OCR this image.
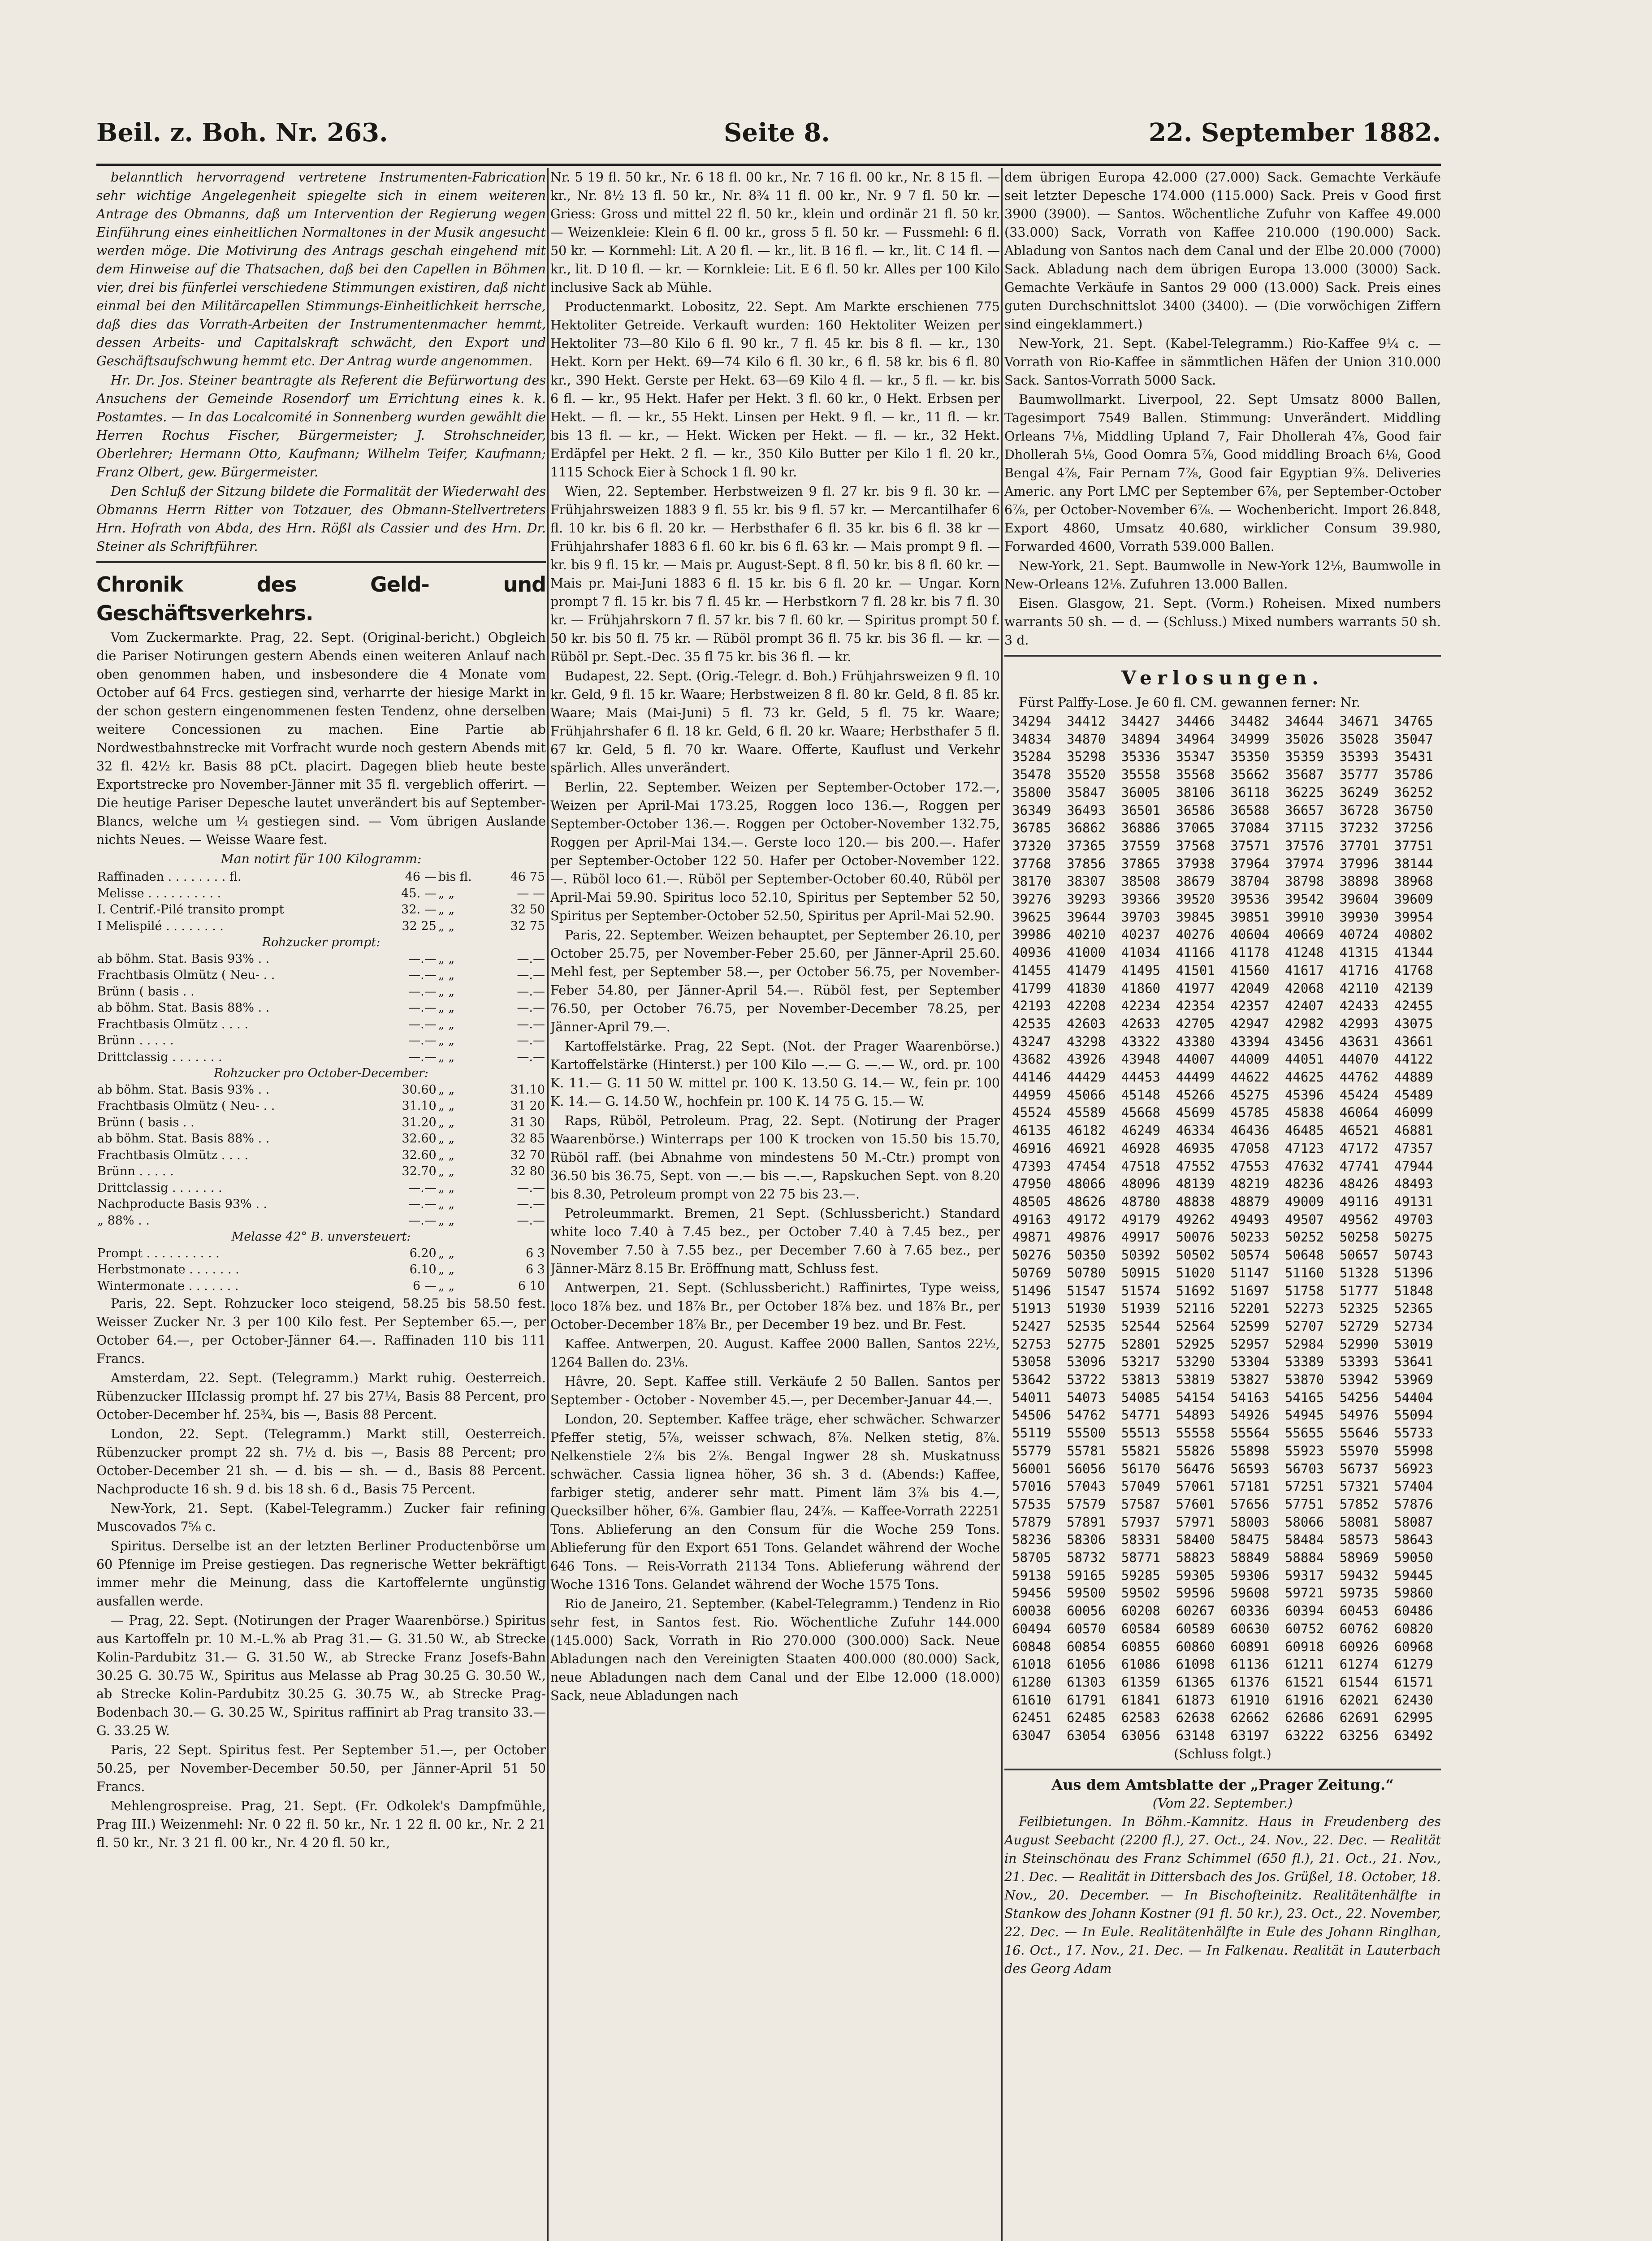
Beil. z. Boh. Nr. 263.	Seite 8.	22. September 1882.

belanntlich hervorragend vertretene Instrumenten-Fabrication sehr wichtige Angelegenheit spiegelte sich in einem weiteren Antrage des Obmanns, daß um Intervention der Regierung wegen Einführung eines einheitlichen Normaltones in der Musik angesucht werden möge. Die Motivirung des Antrags geschah eingehend mit dem Hinweise auf die Thatsachen, daß bei den Capellen in Böhmen vier, drei bis fünferlei verschiedene Stimmungen existiren, daß nicht einmal bei den Militärcapellen Stimmungs-Einheitlichkeit herrsche, daß dies das Vorrath-Arbeiten der Instrumentenmacher hemmt, dessen Arbeits- und Capitalskraft schwächt, den Export und Geschäftsaufschwung hemmt etc. Der Antrag wurde angenommen.

Hr. Dr. Jos. Steiner beantragte als Referent die Befürwortung des Ansuchens der Gemeinde Rosendorf um Errichtung eines k. k. Postamtes. — In das Localcomité in Sonnenberg wurden gewählt die Herren Rochus Fischer, Bürgermeister; J. Strohschneider, Oberlehrer; Hermann Otto, Kaufmann; Wilhelm Teifer, Kaufmann; Franz Olbert, gew. Bürgermeister.

Den Schluß der Sitzung bildete die Formalität der Wiederwahl des Obmanns Herrn Ritter von Totzauer, des Obmann-Stellvertreters Hrn. Hofrath von Abda, des Hrn. Rößl als Cassier und des Hrn. Dr. Steiner als Schriftführer.

Chronik des Geld- und Geschäftsverkehrs.

Vom Zuckermarkte. Prag, 22. Sept. (Original-bericht.) Obgleich die Pariser Notirungen gestern Abends einen weiteren Anlauf nach oben genommen haben, und insbesondere die 4 Monate vom October auf 64 Frcs. gestiegen sind, verharrte der hiesige Markt in der schon gestern eingenommenen festen Tendenz, ohne derselben weitere Concessionen zu machen. Eine Partie ab Nordwestbahnstrecke mit Vorfracht wurde noch gestern Abends mit 32 fl. 42½ kr. Basis 88 pCt. placirt. Dagegen blieb heute beste Exportstrecke pro November-Jänner mit 35 fl. vergeblich offerirt. — Die heutige Pariser Depesche lautet unverändert bis auf September-Blancs, welche um ¼ gestiegen sind. — Vom übrigen Auslande nichts Neues. — Weisse Waare fest.

Man notirt für 100 Kilogramm:
Raffinaden . . . . . . . . fl.	46 —	bis fl.	46 75
Melisse . . . . . . . . . .	45. —	„ „	— —
I. Centrif.-Pilé transito prompt	32. —	„ „	32 50
I Melispilé . . . . . . . .	32 25	„ „	32 75
Rohzucker prompt:			
ab böhm. Stat. Basis 93% . .	—.—	„ „	—.—
Frachtbasis Olmütz ( Neu- . .	—.—	„ „	—.—
Brünn ( basis . .	—.—	„ „	—.—
ab böhm. Stat. Basis 88% . .	—.—	„ „	—.—
Frachtbasis Olmütz . . . .	—.—	„ „	—.—
Brünn . . . . .	—.—	„ „	—.—
Drittclassig . . . . . . .	—.—	„ „	—.—
Rohzucker pro October-December:			
ab böhm. Stat. Basis 93% . .	30.60	„ „	31.10
Frachtbasis Olmütz ( Neu- . .	31.10	„ „	31 20
Brünn ( basis . .	31.20	„ „	31 30
ab böhm. Stat. Basis 88% . .	32.60	„ „	32 85
Frachtbasis Olmütz . . . .	32.60	„ „	32 70
Brünn . . . . .	32.70	„ „	32 80
Drittclassig . . . . . . .	—.—	„ „	—.—
Nachproducte Basis 93% . .	—.—	„ „	—.—
„ 88% . .	—.—	„ „	—.—
Melasse 42° B. unversteuert:			
Prompt . . . . . . . . . .	6.20	„ „	6 3
Herbstmonate . . . . . . .	6.10	„ „	6 3
Wintermonate . . . . . . .	6 —	„ „	6 10

Paris, 22. Sept. Rohzucker loco steigend, 58.25 bis 58.50 fest. Weisser Zucker Nr. 3 per 100 Kilo fest. Per September 65.—, per October 64.—, per October-Jänner 64.—. Raffinaden 110 bis 111 Francs.

Amsterdam, 22. Sept. (Telegramm.) Markt ruhig. Oesterreich. Rübenzucker IIIclassig prompt hf. 27 bis 27¼, Basis 88 Percent, pro October-December hf. 25¾, bis —, Basis 88 Percent.

London, 22. Sept. (Telegramm.) Markt still, Oesterreich. Rübenzucker prompt 22 sh. 7½ d. bis —, Basis 88 Percent; pro October-December 21 sh. — d. bis — sh. — d., Basis 88 Percent. Nachproducte 16 sh. 9 d. bis 18 sh. 6 d., Basis 75 Percent.

New-York, 21. Sept. (Kabel-Telegramm.) Zucker fair refining Muscovados 7⅝ c.

Spiritus. Derselbe ist an der letzten Berliner Productenbörse um 60 Pfennige im Preise gestiegen. Das regnerische Wetter bekräftigt immer mehr die Meinung, dass die Kartoffelernte ungünstig ausfallen werde.

— Prag, 22. Sept. (Notirungen der Prager Waarenbörse.) Spiritus aus Kartoffeln pr. 10 M.-L.% ab Prag 31.— G. 31.50 W., ab Strecke Kolin-Pardubitz 31.— G. 31.50 W., ab Strecke Franz Josefs-Bahn 30.25 G. 30.75 W., Spiritus aus Melasse ab Prag 30.25 G. 30.50 W., ab Strecke Kolin-Pardubitz 30.25 G. 30.75 W., ab Strecke Prag-Bodenbach 30.— G. 30.25 W., Spiritus raffinirt ab Prag transito 33.— G. 33.25 W.

Paris, 22 Sept. Spiritus fest. Per September 51.—, per October 50.25, per November-December 50.50, per Jänner-April 51 50 Francs.

Mehlengrospreise. Prag, 21. Sept. (Fr. Odkolek's Dampfmühle, Prag III.) Weizenmehl: Nr. 0 22 fl. 50 kr., Nr. 1 22 fl. 00 kr., Nr. 2 21 fl. 50 kr., Nr. 3 21 fl. 00 kr., Nr. 4 20 fl. 50 kr.,

Nr. 5 19 fl. 50 kr., Nr. 6 18 fl. 00 kr., Nr. 7 16 fl. 00 kr., Nr. 8 15 fl. — kr., Nr. 8½ 13 fl. 50 kr., Nr. 8¾ 11 fl. 00 kr., Nr. 9 7 fl. 50 kr. — Griess: Gross und mittel 22 fl. 50 kr., klein und ordinär 21 fl. 50 kr. — Weizenkleie: Klein 6 fl. 00 kr., gross 5 fl. 50 kr. — Fussmehl: 6 fl. 50 kr. — Kornmehl: Lit. A 20 fl. — kr., lit. B 16 fl. — kr., lit. C 14 fl. — kr., lit. D 10 fl. — kr. — Kornkleie: Lit. E 6 fl. 50 kr. Alles per 100 Kilo inclusive Sack ab Mühle.

Productenmarkt. Lobositz, 22. Sept. Am Markte erschienen 775 Hektoliter Getreide. Verkauft wurden: 160 Hektoliter Weizen per Hektoliter 73—80 Kilo 6 fl. 90 kr., 7 fl. 45 kr. bis 8 fl. — kr., 130 Hekt. Korn per Hekt. 69—74 Kilo 6 fl. 30 kr., 6 fl. 58 kr. bis 6 fl. 80 kr., 390 Hekt. Gerste per Hekt. 63—69 Kilo 4 fl. — kr., 5 fl. — kr. bis 6 fl. — kr., 95 Hekt. Hafer per Hekt. 3 fl. 60 kr., 0 Hekt. Erbsen per Hekt. — fl. — kr., 55 Hekt. Linsen per Hekt. 9 fl. — kr., 11 fl. — kr. bis 13 fl. — kr., — Hekt. Wicken per Hekt. — fl. — kr., 32 Hekt. Erdäpfel per Hekt. 2 fl. — kr., 350 Kilo Butter per Kilo 1 fl. 20 kr., 1115 Schock Eier à Schock 1 fl. 90 kr.

Wien, 22. September. Herbstweizen 9 fl. 27 kr. bis 9 fl. 30 kr. — Frühjahrsweizen 1883 9 fl. 55 kr. bis 9 fl. 57 kr. — Mercantilhafer 6 fl. 10 kr. bis 6 fl. 20 kr. — Herbsthafer 6 fl. 35 kr. bis 6 fl. 38 kr — Frühjahrshafer 1883 6 fl. 60 kr. bis 6 fl. 63 kr. — Mais prompt 9 fl. — kr. bis 9 fl. 15 kr. — Mais pr. August-Sept. 8 fl. 50 kr. bis 8 fl. 60 kr. — Mais pr. Mai-Juni 1883 6 fl. 15 kr. bis 6 fl. 20 kr. — Ungar. Korn prompt 7 fl. 15 kr. bis 7 fl. 45 kr. — Herbstkorn 7 fl. 28 kr. bis 7 fl. 30 kr. — Frühjahrskorn 7 fl. 57 kr. bis 7 fl. 60 kr. — Spiritus prompt 50 f. 50 kr. bis 50 fl. 75 kr. — Rüböl prompt 36 fl. 75 kr. bis 36 fl. — kr. — Rüböl pr. Sept.-Dec. 35 fl 75 kr. bis 36 fl. — kr.

Budapest, 22. Sept. (Orig.-Telegr. d. Boh.) Frühjahrsweizen 9 fl. 10 kr. Geld, 9 fl. 15 kr. Waare; Herbstweizen 8 fl. 80 kr. Geld, 8 fl. 85 kr. Waare; Mais (Mai-Juni) 5 fl. 73 kr. Geld, 5 fl. 75 kr. Waare; Frühjahrshafer 6 fl. 18 kr. Geld, 6 fl. 20 kr. Waare; Herbsthafer 5 fl. 67 kr. Geld, 5 fl. 70 kr. Waare. Offerte, Kauflust und Verkehr spärlich. Alles unverändert.

Berlin, 22. September. Weizen per September-October 172.—, Weizen per April-Mai 173.25, Roggen loco 136.—, Roggen per September-October 136.—. Roggen per October-November 132.75, Roggen per April-Mai 134.—. Gerste loco 120.— bis 200.—. Hafer per September-October 122 50. Hafer per October-November 122.—. Rüböl loco 61.—. Rüböl per September-October 60.40, Rüböl per April-Mai 59.90. Spiritus loco 52.10, Spiritus per September 52 50, Spiritus per September-October 52.50, Spiritus per April-Mai 52.90.

Paris, 22. September. Weizen behauptet, per September 26.10, per October 25.75, per November-Feber 25.60, per Jänner-April 25.60. Mehl fest, per September 58.—, per October 56.75, per November-Feber 54.80, per Jänner-April 54.—. Rüböl fest, per September 76.50, per October 76.75, per November-December 78.25, per Jänner-April 79.—.

Kartoffelstärke. Prag, 22 Sept. (Not. der Prager Waarenbörse.) Kartoffelstärke (Hinterst.) per 100 Kilo —.— G. —.— W., ord. pr. 100 K. 11.— G. 11 50 W. mittel pr. 100 K. 13.50 G. 14.— W., fein pr. 100 K. 14.— G. 14.50 W., hochfein pr. 100 K. 14 75 G. 15.— W.

Raps, Rüböl, Petroleum. Prag, 22. Sept. (Notirung der Prager Waarenbörse.) Winterraps per 100 K trocken von 15.50 bis 15.70, Rüböl raff. (bei Abnahme von mindestens 50 M.-Ctr.) prompt von 36.50 bis 36.75, Sept. von —.— bis —.—, Rapskuchen Sept. von 8.20 bis 8.30, Petroleum prompt von 22 75 bis 23.—.

Petroleummarkt. Bremen, 21 Sept. (Schlussbericht.) Standard white loco 7.40 à 7.45 bez., per October 7.40 à 7.45 bez., per November 7.50 à 7.55 bez., per December 7.60 à 7.65 bez., per Jänner-März 8.15 Br. Eröffnung matt, Schluss fest.

Antwerpen, 21. Sept. (Schlussbericht.) Raffinirtes, Type weiss, loco 18⅞ bez. und 18⅞ Br., per October 18⅞ bez. und 18⅞ Br., per October-December 18⅞ Br., per December 19 bez. und Br. Fest.

Kaffee. Antwerpen, 20. August. Kaffee 2000 Ballen, Santos 22½, 1264 Ballen do. 23⅛.

Hâvre, 20. Sept. Kaffee still. Verkäufe 2 50 Ballen. Santos per September - October - November 45.—, per December-Januar 44.—.

London, 20. September. Kaffee träge, eher schwächer. Schwarzer Pfeffer stetig, 5⅞, weisser schwach, 8⅞. Nelken stetig, 8⅞. Nelkenstiele 2⅞ bis 2⅞. Bengal Ingwer 28 sh. Muskatnuss schwächer. Cassia lignea höher, 36 sh. 3 d. (Abends:) Kaffee, farbiger stetig, anderer sehr matt. Piment läm 3⅞ bis 4.—, Quecksilber höher, 6⅞. Gambier flau, 24⅞. — Kaffee-Vorrath 22251 Tons. Ablieferung an den Consum für die Woche 259 Tons. Ablieferung für den Export 651 Tons. Gelandet während der Woche 646 Tons. — Reis-Vorrath 21134 Tons. Ablieferung während der Woche 1316 Tons. Gelandet während der Woche 1575 Tons.

Rio de Janeiro, 21. September. (Kabel-Telegramm.) Tendenz in Rio sehr fest, in Santos fest. Rio. Wöchentliche Zufuhr 144.000 (145.000) Sack, Vorrath in Rio 270.000 (300.000) Sack. Neue Abladungen nach den Vereinigten Staaten 400.000 (80.000) Sack, neue Abladungen nach dem Canal und der Elbe 12.000 (18.000) Sack, neue Abladungen nach

dem übrigen Europa 42.000 (27.000) Sack. Gemachte Verkäufe seit letzter Depesche 174.000 (115.000) Sack. Preis v Good first 3900 (3900). — Santos. Wöchentliche Zufuhr von Kaffee 49.000 (33.000) Sack, Vorrath von Kaffee 210.000 (190.000) Sack. Abladung von Santos nach dem Canal und der Elbe 20.000 (7000) Sack. Abladung nach dem übrigen Europa 13.000 (3000) Sack. Gemachte Verkäufe in Santos 29 000 (13.000) Sack. Preis eines guten Durchschnittslot 3400 (3400). — (Die vorwöchigen Ziffern sind eingeklammert.)

New-York, 21. Sept. (Kabel-Telegramm.) Rio-Kaffee 9¼ c. — Vorrath von Rio-Kaffee in sämmtlichen Häfen der Union 310.000 Sack. Santos-Vorrath 5000 Sack.

Baumwollmarkt. Liverpool, 22. Sept Umsatz 8000 Ballen, Tagesimport 7549 Ballen. Stimmung: Unverändert. Middling Orleans 7⅛, Middling Upland 7, Fair Dhollerah 4⅞, Good fair Dhollerah 5⅛, Good Oomra 5⅞, Good middling Broach 6⅛, Good Bengal 4⅞, Fair Pernam 7⅞, Good fair Egyptian 9⅞. Deliveries Americ. any Port LMC per September 6⅞, per September-October 6⅞, per October-November 6⅞. — Wochenbericht. Import 26.848, Export 4860, Umsatz 40.680, wirklicher Consum 39.980, Forwarded 4600, Vorrath 539.000 Ballen.

New-York, 21. Sept. Baumwolle in New-York 12⅛, Baumwolle in New-Orleans 12⅛. Zufuhren 13.000 Ballen.

Eisen. Glasgow, 21. Sept. (Vorm.) Roheisen. Mixed numbers warrants 50 sh. — d. — (Schluss.) Mixed numbers warrants 50 sh. 3 d.

Verlosungen.

Fürst Palffy-Lose. Je 60 fl. CM. gewannen ferner: Nr.

34294	34412	34427	34466	34482	34644	34671	34765
34834	34870	34894	34964	34999	35026	35028	35047
35284	35298	35336	35347	35350	35359	35393	35431
35478	35520	35558	35568	35662	35687	35777	35786
35800	35847	36005	38106	36118	36225	36249	36252
36349	36493	36501	36586	36588	36657	36728	36750
36785	36862	36886	37065	37084	37115	37232	37256
37320	37365	37559	37568	37571	37576	37701	37751
37768	37856	37865	37938	37964	37974	37996	38144
38170	38307	38508	38679	38704	38798	38898	38968
39276	39293	39366	39520	39536	39542	39604	39609
39625	39644	39703	39845	39851	39910	39930	39954
39986	40210	40237	40276	40604	40669	40724	40802
40936	41000	41034	41166	41178	41248	41315	41344
41455	41479	41495	41501	41560	41617	41716	41768
41799	41830	41860	41977	42049	42068	42110	42139
42193	42208	42234	42354	42357	42407	42433	42455
42535	42603	42633	42705	42947	42982	42993	43075
43247	43298	43322	43380	43394	43456	43631	43661
43682	43926	43948	44007	44009	44051	44070	44122
44146	44429	44453	44499	44622	44625	44762	44889
44959	45066	45148	45266	45275	45396	45424	45489
45524	45589	45668	45699	45785	45838	46064	46099
46135	46182	46249	46334	46436	46485	46521	46881
46916	46921	46928	46935	47058	47123	47172	47357
47393	47454	47518	47552	47553	47632	47741	47944
47950	48066	48096	48139	48219	48236	48426	48493
48505	48626	48780	48838	48879	49009	49116	49131
49163	49172	49179	49262	49493	49507	49562	49703
49871	49876	49917	50076	50233	50252	50258	50275
50276	50350	50392	50502	50574	50648	50657	50743
50769	50780	50915	51020	51147	51160	51328	51396
51496	51547	51574	51692	51697	51758	51777	51848
51913	51930	51939	52116	52201	52273	52325	52365
52427	52535	52544	52564	52599	52707	52729	52734
52753	52775	52801	52925	52957	52984	52990	53019
53058	53096	53217	53290	53304	53389	53393	53641
53642	53722	53813	53819	53827	53870	53942	53969
54011	54073	54085	54154	54163	54165	54256	54404
54506	54762	54771	54893	54926	54945	54976	55094
55119	55500	55513	55558	55564	55655	55646	55733
55779	55781	55821	55826	55898	55923	55970	55998
56001	56056	56170	56476	56593	56703	56737	56923
57016	57043	57049	57061	57181	57251	57321	57404
57535	57579	57587	57601	57656	57751	57852	57876
57879	57891	57937	57971	58003	58066	58081	58087
58236	58306	58331	58400	58475	58484	58573	58643
58705	58732	58771	58823	58849	58884	58969	59050
59138	59165	59285	59305	59306	59317	59432	59445
59456	59500	59502	59596	59608	59721	59735	59860
60038	60056	60208	60267	60336	60394	60453	60486
60494	60570	60584	60589	60630	60752	60762	60820
60848	60854	60855	60860	60891	60918	60926	60968
61018	61056	61086	61098	61136	61211	61274	61279
61280	61303	61359	61365	61376	61521	61544	61571
61610	61791	61841	61873	61910	61916	62021	62430
62451	62485	62583	62638	62662	62686	62691	62995
63047	63054	63056	63148	63197	63222	63256	63492
(Schluss folgt.)
Aus dem Amtsblatte der „Prager Zeitung.“
(Vom 22. September.)

Feilbietungen. In Böhm.-Kamnitz. Haus in Freudenberg des August Seebacht (2200 fl.), 27. Oct., 24. Nov., 22. Dec. — Realität in Steinschönau des Franz Schimmel (650 fl.), 21. Oct., 21. Nov., 21. Dec. — Realität in Dittersbach des Jos. Grüßel, 18. October, 18. Nov., 20. December. — In Bischofteinitz. Realitätenhälfte in Stankow des Johann Kostner (91 fl. 50 kr.), 23. Oct., 22. November, 22. Dec. — In Eule. Realitätenhälfte in Eule des Johann Ringlhan, 16. Oct., 17. Nov., 21. Dec. — In Falkenau. Realität in Lauterbach des Georg Adam
